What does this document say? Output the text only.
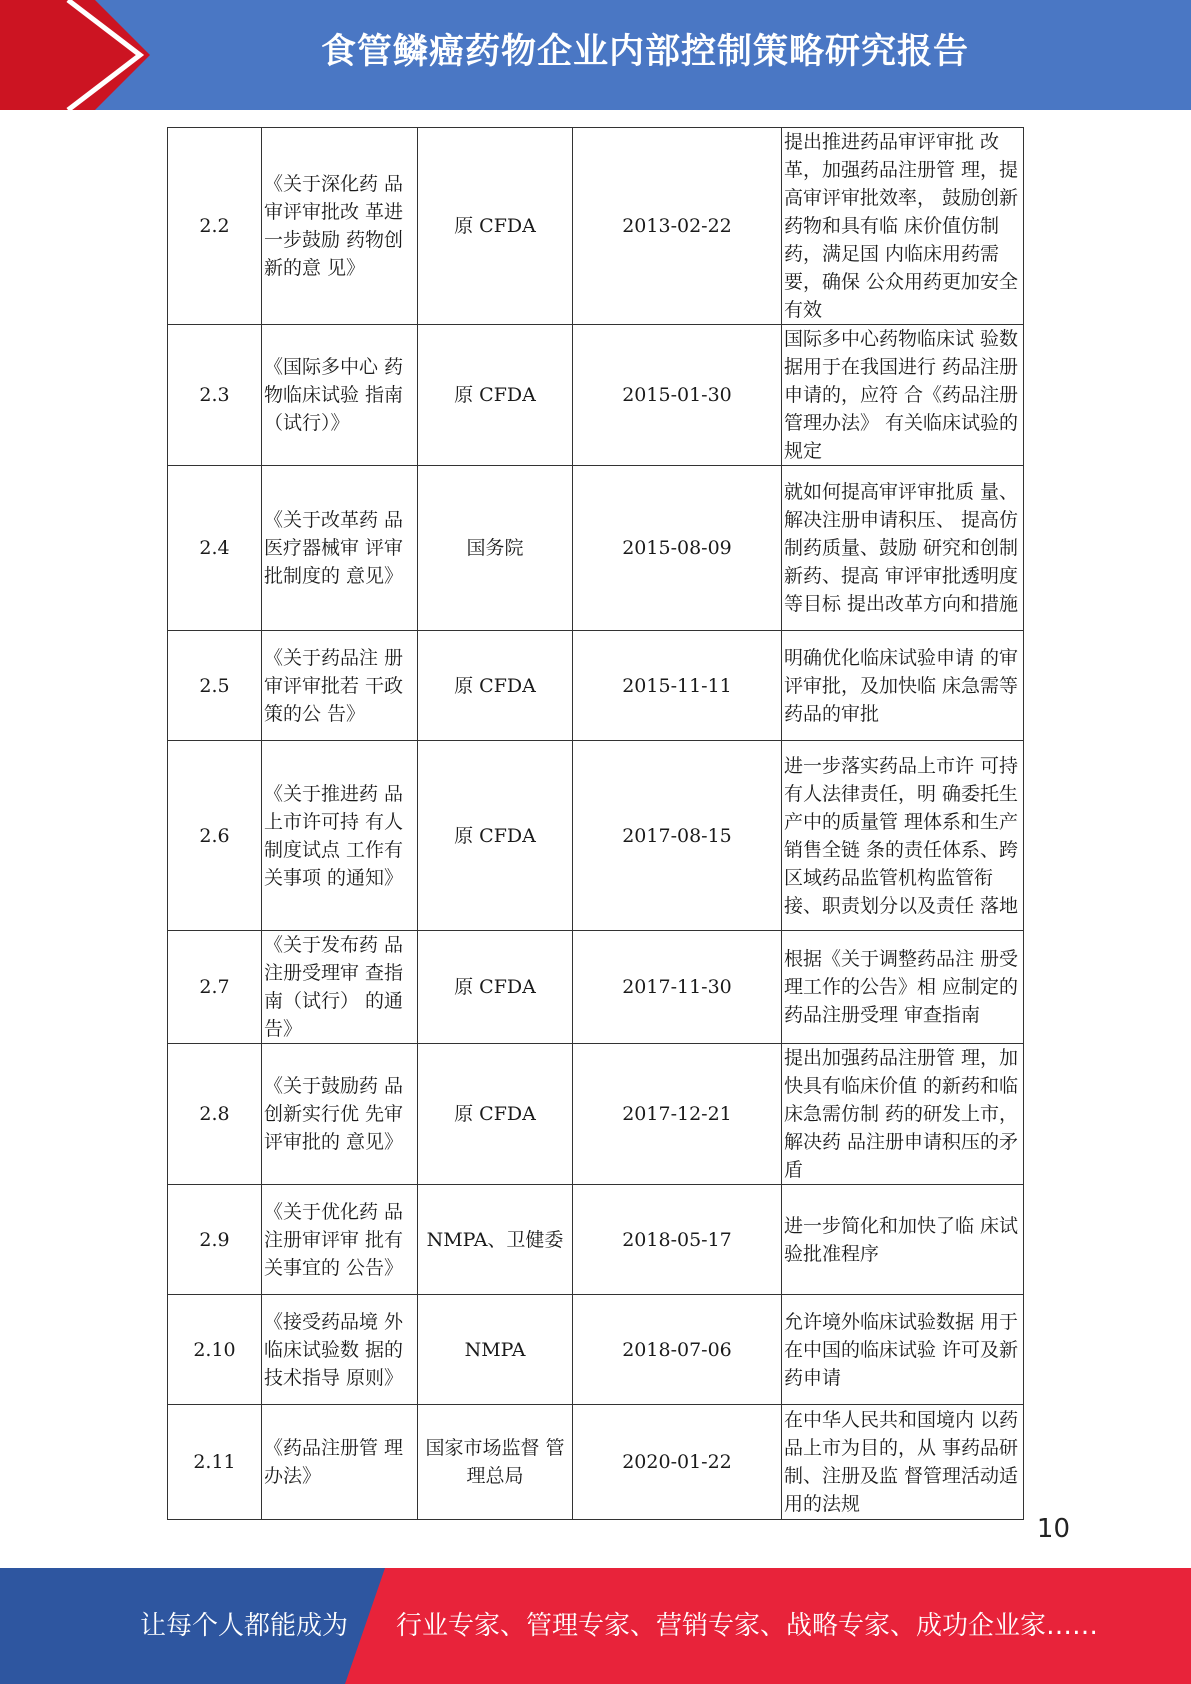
食管鳞癌药物企业内部控制策略研究报告
2.2	《关于深化药 品审评审批改 革进一步鼓励 药物创新的意 见》	原 CFDA	2013-02-22	提出推进药品审评审批 改革，加强药品注册管 理，提高审评审批效率， 鼓励创新药物和具有临 床价值仿制药，满足国 内临床用药需要，确保 公众用药更加安全有效
2.3	《国际多中心 药物临床试验 指南（试行）》	原 CFDA	2015-01-30	国际多中心药物临床试 验数据用于在我国进行 药品注册申请的，应符 合《药品注册管理办法》 有关临床试验的规定
2.4	《关于改革药 品医疗器械审 评审批制度的 意见》	国务院	2015-08-09	就如何提高审评审批质 量、解决注册申请积压、 提高仿制药质量、鼓励 研究和创制新药、提高 审评审批透明度等目标 提出改革方向和措施
2.5	《关于药品注 册审评审批若 干政策的公 告》	原 CFDA	2015-11-11	明确优化临床试验申请 的审评审批，及加快临 床急需等药品的审批
2.6	《关于推进药 品上市许可持 有人制度试点 工作有关事项 的通知》	原 CFDA	2017-08-15	进一步落实药品上市许 可持有人法律责任，明 确委托生产中的质量管 理体系和生产销售全链 条的责任体系、跨区域药品监管机构监管衔 接、职责划分以及责任 落地
2.7	《关于发布药 品注册受理审 查指南（试行） 的通告》	原 CFDA	2017-11-30	根据《关于调整药品注 册受理工作的公告》相 应制定的药品注册受理 审查指南
2.8	《关于鼓励药 品创新实行优 先审评审批的 意见》	原 CFDA	2017-12-21	提出加强药品注册管 理，加快具有临床价值 的新药和临床急需仿制 药的研发上市，解决药 品注册申请积压的矛盾
2.9	《关于优化药 品注册审评审 批有关事宜的 公告》	NMPA、卫健委	2018-05-17	进一步简化和加快了临 床试验批准程序
2.10	《接受药品境 外临床试验数 据的技术指导 原则》	NMPA	2018-07-06	允许境外临床试验数据 用于在中国的临床试验 许可及新药申请
2.11	《药品注册管 理办法》	国家市场监督 管理总局	2020-01-22	在中华人民共和国境内 以药品上市为目的，从 事药品研制、注册及监 督管理活动适用的法规
10
让每个人都能成为 行业专家、管理专家、营销专家、战略专家、成功企业家……
